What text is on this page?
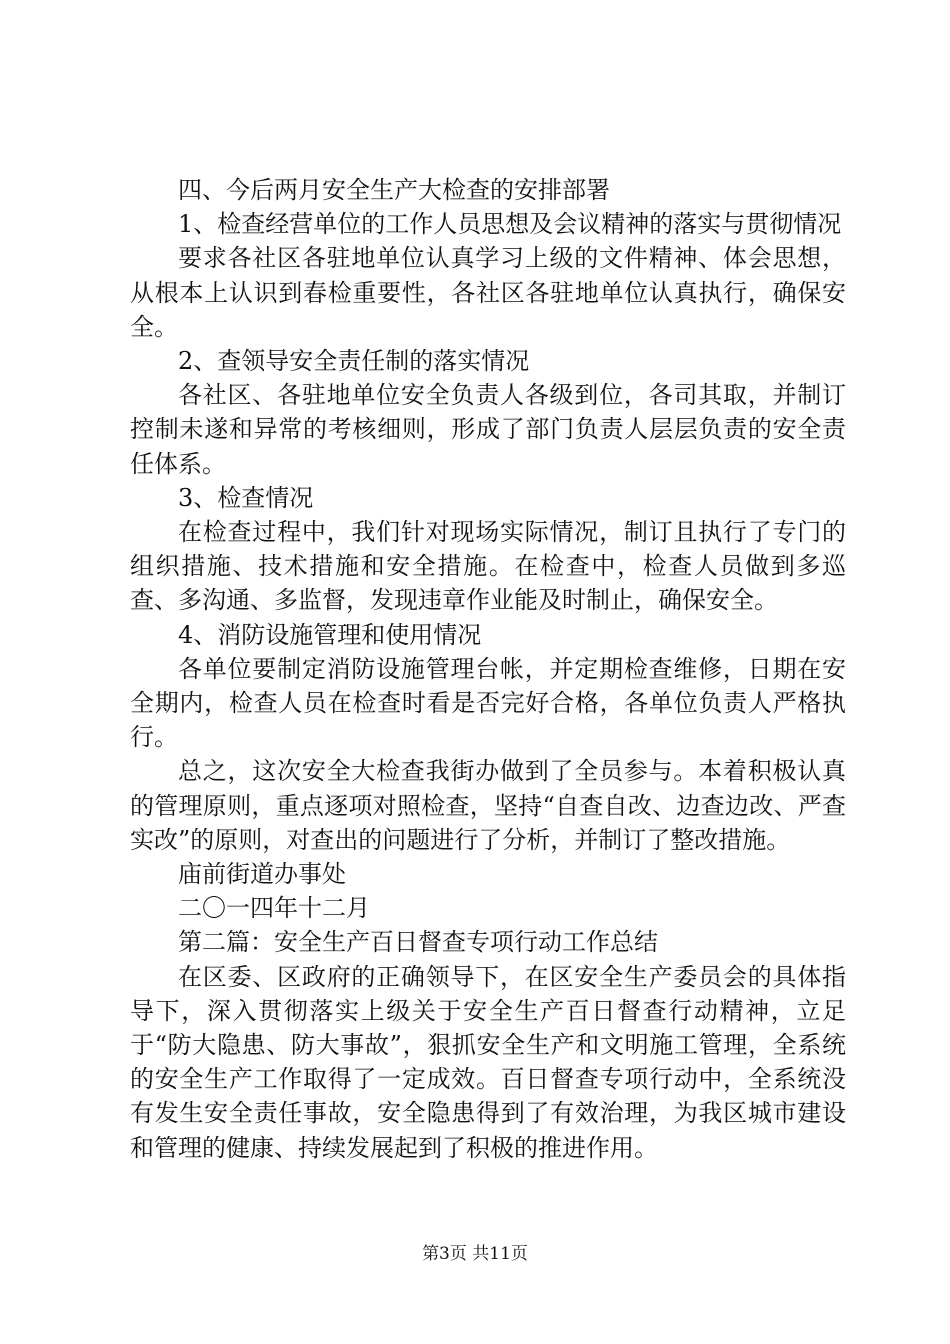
四、今后两月安全生产大检查的安排部署

1、检查经营单位的工作人员思想及会议精神的落实与贯彻情况

要求各社区各驻地单位认真学习上级的文件精神、体会思想，从根本上认识到春检重要性，各社区各驻地单位认真执行，确保安全。

2、查领导安全责任制的落实情况

各社区、各驻地单位安全负责人各级到位，各司其取，并制订控制未遂和异常的考核细则，形成了部门负责人层层负责的安全责任体系。

3、检查情况

在检查过程中，我们针对现场实际情况，制订且执行了专门的组织措施、技术措施和安全措施。在检查中，检查人员做到多巡查、多沟通、多监督，发现违章作业能及时制止，确保安全。

4、消防设施管理和使用情况

各单位要制定消防设施管理台帐，并定期检查维修，日期在安全期内，检查人员在检查时看是否完好合格，各单位负责人严格执行。

总之，这次安全大检查我街办做到了全员参与。本着积极认真的管理原则，重点逐项对照检查，坚持“自查自改、边查边改、严查实改”的原则，对查出的问题进行了分析，并制订了整改措施。

庙前街道办事处

二〇一四年十二月

第二篇：安全生产百日督查专项行动工作总结

在区委、区政府的正确领导下，在区安全生产委员会的具体指导下，深入贯彻落实上级关于安全生产百日督查行动精神，立足于“防大隐患、防大事故”，狠抓安全生产和文明施工管理，全系统的安全生产工作取得了一定成效。百日督查专项行动中，全系统没有发生安全责任事故，安全隐患得到了有效治理，为我区城市建设和管理的健康、持续发展起到了积极的推进作用。

第3页 共11页
